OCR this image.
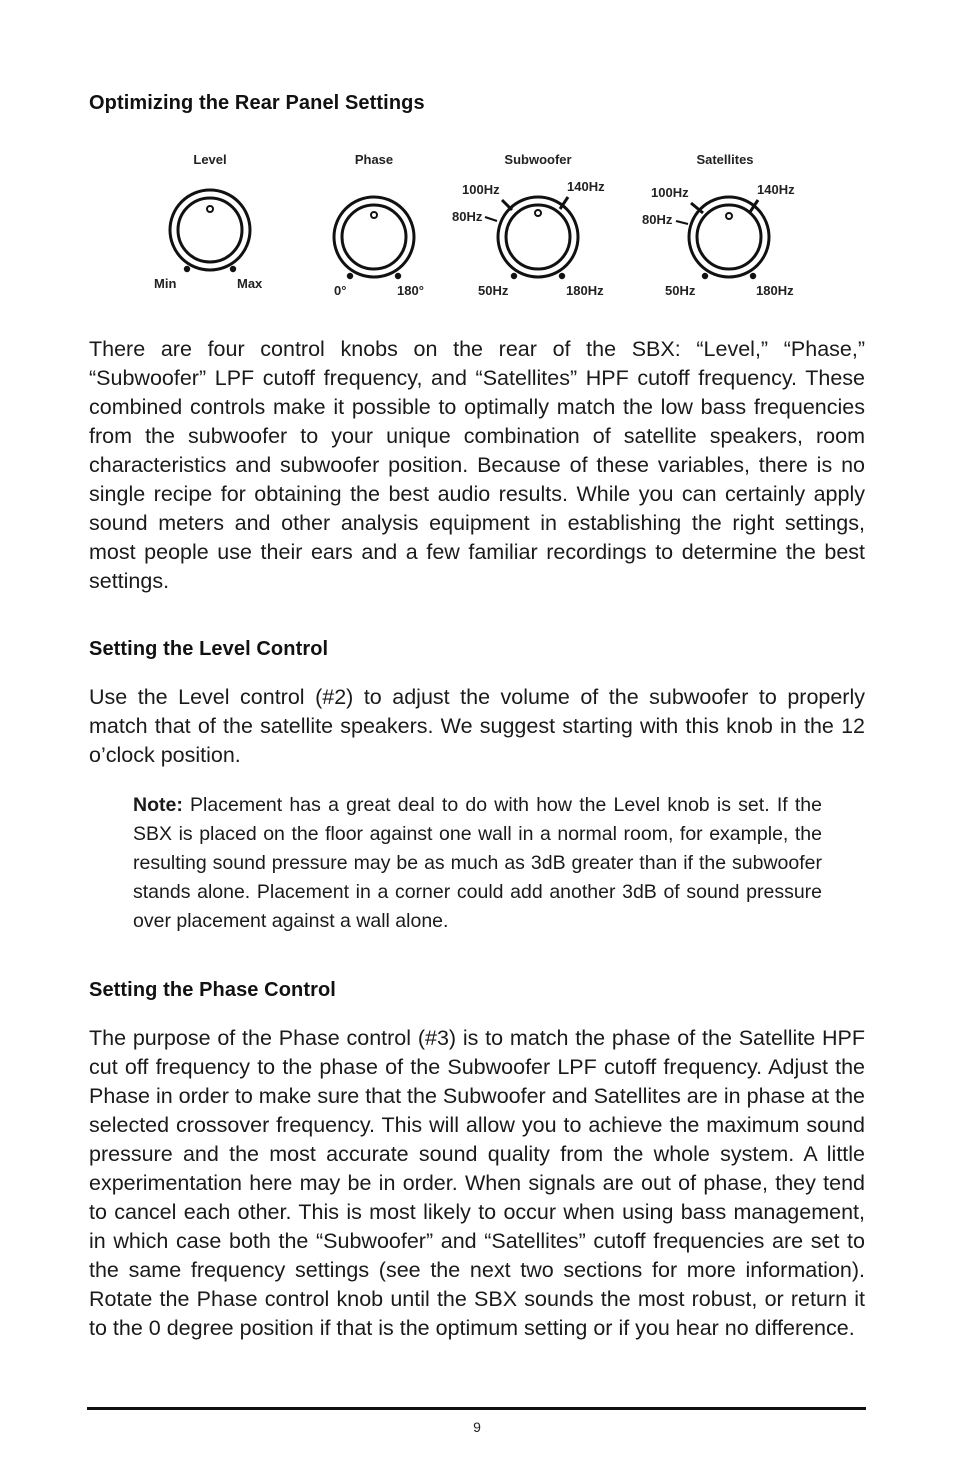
Optimizing the Rear Panel Settings
Level
Min	Max
Phase
0°	180°
Subwoofer
100Hz	140Hz
80Hz
50Hz	180Hz
Satellites
100Hz	140Hz
80Hz
50Hz	180Hz
There are four control knobs on the rear of the SBX: “Level,” “Phase,” “Subwoofer” LPF cutoff frequency, and “Satellites” HPF cutoff frequency. These combined controls make it possible to optimally match the low bass frequencies from the subwoofer to your unique combination of satellite speakers, room characteristics and subwoofer position. Because of these variables, there is no single recipe for obtaining the best audio results. While you can certainly apply sound meters and other analysis equipment in establishing the right settings, most people use their ears and a few familiar recordings to determine the best settings.
Setting the Level Control
Use the Level control (#2) to adjust the volume of the subwoofer to properly match that of the satellite speakers. We suggest starting with this knob in the 12 o’clock position.
Note: Placement has a great deal to do with how the Level knob is set. If the SBX is placed on the floor against one wall in a normal room, for example, the resulting sound pressure may be as much as 3dB greater than if the subwoofer stands alone. Placement in a corner could add another 3dB of sound pressure over placement against a wall alone.
Setting the Phase Control
The purpose of the Phase control (#3) is to match the phase of the Satellite HPF cut off frequency to the phase of the Subwoofer LPF cutoff frequency. Adjust the Phase in order to make sure that the Subwoofer and Satellites are in phase at the selected crossover frequency. This will allow you to achieve the maximum sound pressure and the most accurate sound quality from the whole system. A little experimentation here may be in order. When signals are out of phase, they tend to cancel each other. This is most likely to occur when using bass management, in which case both the “Subwoofer” and “Satellites” cutoff frequencies are set to the same frequency settings (see the next two sections for more information). Rotate the Phase control knob until the SBX sounds the most robust, or return it to the 0 degree position if that is the optimum setting or if you hear no difference.
9
